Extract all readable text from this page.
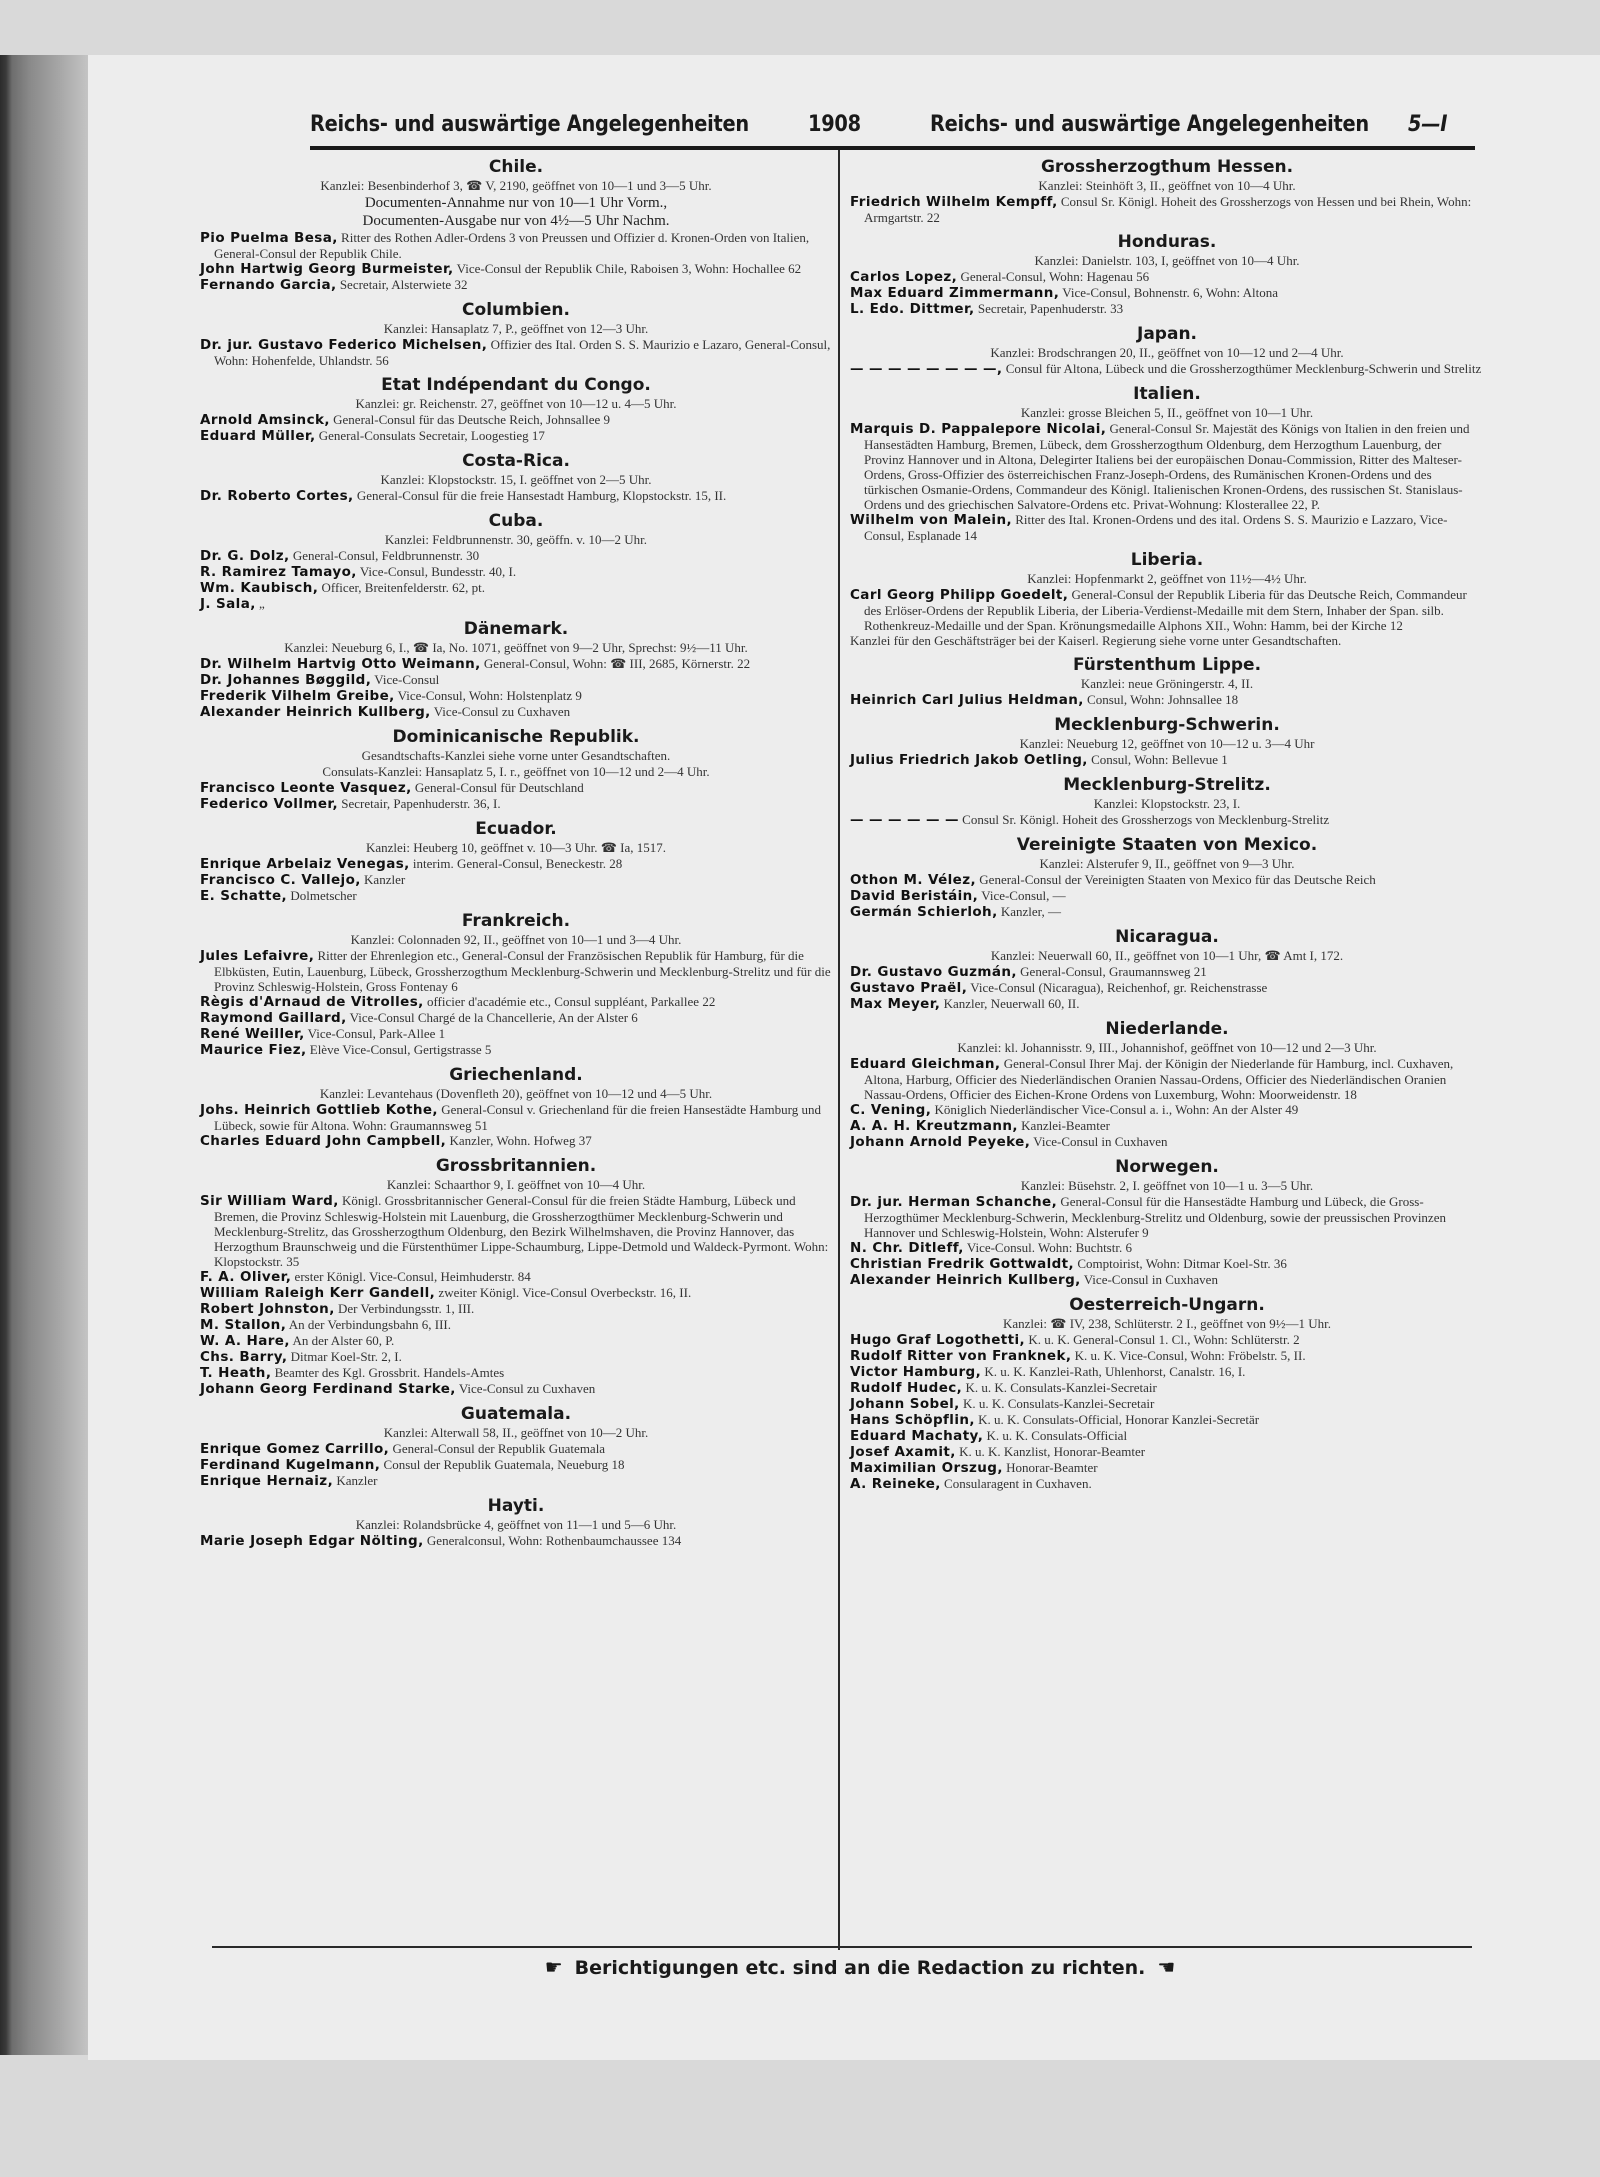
Reichs- und auswärtige Angelegenheiten	1908	Reichs- und auswärtige Angelegenheiten 5—I
Chile.
Kanzlei: Besenbinderhof 3, ☎ V, 2190, geöffnet von 10—1 und 3—5 Uhr.
Documenten-Annahme nur von 10—1 Uhr Vorm.,
Documenten-Ausgabe nur von 4½—5 Uhr Nachm.
Pio Puelma Besa, Ritter des Rothen Adler-Ordens 3 von Preussen und Offizier d. Kronen-Orden von Italien, General-Consul der Republik Chile.
John Hartwig Georg Burmeister, Vice-Consul der Republik Chile, Raboisen 3, Wohn: Hochallee 62
Fernando Garcia, Secretair, Alsterwiete 32
Columbien.
Kanzlei: Hansaplatz 7, P., geöffnet von 12—3 Uhr.
Dr. jur. Gustavo Federico Michelsen, Offizier des Ital. Orden S. S. Maurizio e Lazaro, General-Consul, Wohn: Hohenfelde, Uhlandstr. 56
Etat Indépendant du Congo.
Kanzlei: gr. Reichenstr. 27, geöffnet von 10—12 u. 4—5 Uhr.
Arnold Amsinck, General-Consul für das Deutsche Reich, Johnsallee 9
Eduard Müller, General-Consulats Secretair, Loogestieg 17
Costa-Rica.
Kanzlei: Klopstockstr. 15, I. geöffnet von 2—5 Uhr.
Dr. Roberto Cortes, General-Consul für die freie Hansestadt Hamburg, Klopstockstr. 15, II.
Cuba.
Kanzlei: Feldbrunnenstr. 30, geöffn. v. 10—2 Uhr.
Dr. G. Dolz, General-Consul, Feldbrunnenstr. 30
R. Ramirez Tamayo, Vice-Consul, Bundesstr. 40, I.
Wm. Kaubisch, Officer, Breitenfelderstr. 62, pt.
J. Sala, „
Dänemark.
Kanzlei: Neueburg 6, I., ☎ Ia, No. 1071, geöffnet von 9—2 Uhr, Sprechst: 9½—11 Uhr.
Dr. Wilhelm Hartvig Otto Weimann, General-Consul, Wohn: ☎ III, 2685, Körnerstr. 22
Dr. Johannes Bøggild, Vice-Consul
Frederik Vilhelm Greibe, Vice-Consul, Wohn: Holstenplatz 9
Alexander Heinrich Kullberg, Vice-Consul zu Cuxhaven
Dominicanische Republik.
Gesandtschafts-Kanzlei siehe vorne unter Gesandtschaften.
Consulats-Kanzlei: Hansaplatz 5, I. r., geöffnet von 10—12 und 2—4 Uhr.
Francisco Leonte Vasquez, General-Consul für Deutschland
Federico Vollmer, Secretair, Papenhuderstr. 36, I.
Ecuador.
Kanzlei: Heuberg 10, geöffnet v. 10—3 Uhr. ☎ Ia, 1517.
Enrique Arbelaiz Venegas, interim. General-Consul, Beneckestr. 28
Francisco C. Vallejo, Kanzler
E. Schatte, Dolmetscher
Frankreich.
Kanzlei: Colonnaden 92, II., geöffnet von 10—1 und 3—4 Uhr.
Jules Lefaivre, Ritter der Ehrenlegion etc., General-Consul der Französischen Republik für Hamburg, für die Elbküsten, Eutin, Lauenburg, Lübeck, Grossherzogthum Mecklenburg-Schwerin und Mecklenburg-Strelitz und für die Provinz Schleswig-Holstein, Gross Fontenay 6
Règis d'Arnaud de Vitrolles, officier d'académie etc., Consul suppléant, Parkallee 22
Raymond Gaillard, Vice-Consul Chargé de la Chancellerie, An der Alster 6
René Weiller, Vice-Consul, Park-Allee 1
Maurice Fiez, Elève Vice-Consul, Gertigstrasse 5
Griechenland.
Kanzlei: Levantehaus (Dovenfleth 20), geöffnet von 10—12 und 4—5 Uhr.
Johs. Heinrich Gottlieb Kothe, General-Consul v. Griechenland für die freien Hansestädte Hamburg und Lübeck, sowie für Altona. Wohn: Graumannsweg 51
Charles Eduard John Campbell, Kanzler, Wohn. Hofweg 37
Grossbritannien.
Kanzlei: Schaarthor 9, I. geöffnet von 10—4 Uhr.
Sir William Ward, Königl. Grossbritannischer General-Consul für die freien Städte Hamburg, Lübeck und Bremen, die Provinz Schleswig-Holstein mit Lauenburg, die Grossherzogthümer Mecklenburg-Schwerin und Mecklenburg-Strelitz, das Grossherzogthum Oldenburg, den Bezirk Wilhelmshaven, die Provinz Hannover, das Herzogthum Braunschweig und die Fürstenthümer Lippe-Schaumburg, Lippe-Detmold und Waldeck-Pyrmont. Wohn: Klopstockstr. 35
F. A. Oliver, erster Königl. Vice-Consul, Heimhuderstr. 84
William Raleigh Kerr Gandell, zweiter Königl. Vice-Consul Overbeckstr. 16, II.
Robert Johnston, Der Verbindungsstr. 1, III.
M. Stallon, An der Verbindungsbahn 6, III.
W. A. Hare, An der Alster 60, P.
Chs. Barry, Ditmar Koel-Str. 2, I.
T. Heath, Beamter des Kgl. Grossbrit. Handels-Amtes
Johann Georg Ferdinand Starke, Vice-Consul zu Cuxhaven
Guatemala.
Kanzlei: Alterwall 58, II., geöffnet von 10—2 Uhr.
Enrique Gomez Carrillo, General-Consul der Republik Guatemala
Ferdinand Kugelmann, Consul der Republik Guatemala, Neueburg 18
Enrique Hernaiz, Kanzler
Hayti.
Kanzlei: Rolandsbrücke 4, geöffnet von 11—1 und 5—6 Uhr.
Marie Joseph Edgar Nölting, Generalconsul, Wohn: Rothenbaumchaussee 134
Grossherzogthum Hessen.
Kanzlei: Steinhöft 3, II., geöffnet von 10—4 Uhr.
Friedrich Wilhelm Kempff, Consul Sr. Königl. Hoheit des Grossherzogs von Hessen und bei Rhein, Wohn: Armgartstr. 22
Honduras.
Kanzlei: Danielstr. 103, I, geöffnet von 10—4 Uhr.
Carlos Lopez, General-Consul, Wohn: Hagenau 56
Max Eduard Zimmermann, Vice-Consul, Bohnenstr. 6, Wohn: Altona
L. Edo. Dittmer, Secretair, Papenhuderstr. 33
Japan.
Kanzlei: Brodschrangen 20, II., geöffnet von 10—12 und 2—4 Uhr.
— — — — — — — —, Consul für Altona, Lübeck und die Grossherzogthümer Mecklenburg-Schwerin und Strelitz
Italien.
Kanzlei: grosse Bleichen 5, II., geöffnet von 10—1 Uhr.
Marquis D. Pappalepore Nicolai, General-Consul Sr. Majestät des Königs von Italien in den freien und Hansestädten Hamburg, Bremen, Lübeck, dem Grossherzogthum Oldenburg, dem Herzogthum Lauenburg, der Provinz Hannover und in Altona, Delegirter Italiens bei der europäischen Donau-Commission, Ritter des Malteser-Ordens, Gross-Offizier des österreichischen Franz-Joseph-Ordens, des Rumänischen Kronen-Ordens und des türkischen Osmanie-Ordens, Commandeur des Königl. Italienischen Kronen-Ordens, des russischen St. Stanislaus-Ordens und des griechischen Salvatore-Ordens etc. Privat-Wohnung: Klosterallee 22, P.
Wilhelm von Malein, Ritter des Ital. Kronen-Ordens und des ital. Ordens S. S. Maurizio e Lazzaro, Vice-Consul, Esplanade 14
Liberia.
Kanzlei: Hopfenmarkt 2, geöffnet von 11½—4½ Uhr.
Carl Georg Philipp Goedelt, General-Consul der Republik Liberia für das Deutsche Reich, Commandeur des Erlöser-Ordens der Republik Liberia, der Liberia-Verdienst-Medaille mit dem Stern, Inhaber der Span. silb. Rothenkreuz-Medaille und der Span. Krönungsmedaille Alphons XII., Wohn: Hamm, bei der Kirche 12
Kanzlei für den Geschäftsträger bei der Kaiserl. Regierung siehe vorne unter Gesandtschaften.
Fürstenthum Lippe.
Kanzlei: neue Gröningerstr. 4, II.
Heinrich Carl Julius Heldman, Consul, Wohn: Johnsallee 18
Mecklenburg-Schwerin.
Kanzlei: Neueburg 12, geöffnet von 10—12 u. 3—4 Uhr
Julius Friedrich Jakob Oetling, Consul, Wohn: Bellevue 1
Mecklenburg-Strelitz.
Kanzlei: Klopstockstr. 23, I.
— — — — — — Consul Sr. Königl. Hoheit des Grossherzogs von Mecklenburg-Strelitz
Vereinigte Staaten von Mexico.
Kanzlei: Alsterufer 9, II., geöffnet von 9—3 Uhr.
Othon M. Vélez, General-Consul der Vereinigten Staaten von Mexico für das Deutsche Reich
David Beristáin, Vice-Consul, —
Germán Schierloh, Kanzler, —
Nicaragua.
Kanzlei: Neuerwall 60, II., geöffnet von 10—1 Uhr, ☎ Amt I, 172.
Dr. Gustavo Guzmán, General-Consul, Graumannsweg 21
Gustavo Praël, Vice-Consul (Nicaragua), Reichenhof, gr. Reichenstrasse
Max Meyer, Kanzler, Neuerwall 60, II.
Niederlande.
Kanzlei: kl. Johannisstr. 9, III., Johannishof, geöffnet von 10—12 und 2—3 Uhr.
Eduard Gleichman, General-Consul Ihrer Maj. der Königin der Niederlande für Hamburg, incl. Cuxhaven, Altona, Harburg, Officier des Niederländischen Oranien Nassau-Ordens, Officier des Niederländischen Oranien Nassau-Ordens, Officier des Eichen-Krone Ordens von Luxemburg, Wohn: Moorweidenstr. 18
C. Vening, Königlich Niederländischer Vice-Consul a. i., Wohn: An der Alster 49
A. A. H. Kreutzmann, Kanzlei-Beamter
Johann Arnold Peyeke, Vice-Consul in Cuxhaven
Norwegen.
Kanzlei: Büsehstr. 2, I. geöffnet von 10—1 u. 3—5 Uhr.
Dr. jur. Herman Schanche, General-Consul für die Hansestädte Hamburg und Lübeck, die Gross-Herzogthümer Mecklenburg-Schwerin, Mecklenburg-Strelitz und Oldenburg, sowie der preussischen Provinzen Hannover und Schleswig-Holstein, Wohn: Alsterufer 9
N. Chr. Ditleff, Vice-Consul. Wohn: Buchtstr. 6
Christian Fredrik Gottwaldt, Comptoirist, Wohn: Ditmar Koel-Str. 36
Alexander Heinrich Kullberg, Vice-Consul in Cuxhaven
Oesterreich-Ungarn.
Kanzlei: ☎ IV, 238, Schlüterstr. 2 I., geöffnet von 9½—1 Uhr.
Hugo Graf Logothetti, K. u. K. General-Consul 1. Cl., Wohn: Schlüterstr. 2
Rudolf Ritter von Franknek, K. u. K. Vice-Consul, Wohn: Fröbelstr. 5, II.
Victor Hamburg, K. u. K. Kanzlei-Rath, Uhlenhorst, Canalstr. 16, I.
Rudolf Hudec, K. u. K. Consulats-Kanzlei-Secretair
Johann Sobel, K. u. K. Consulats-Kanzlei-Secretair
Hans Schöpflin, K. u. K. Consulats-Official, Honorar Kanzlei-Secretär
Eduard Machaty, K. u. K. Consulats-Official
Josef Axamit, K. u. K. Kanzlist, Honorar-Beamter
Maximilian Orszug, Honorar-Beamter
A. Reineke, Consularagent in Cuxhaven.
☛ Berichtigungen etc. sind an die Redaction zu richten. ☚
